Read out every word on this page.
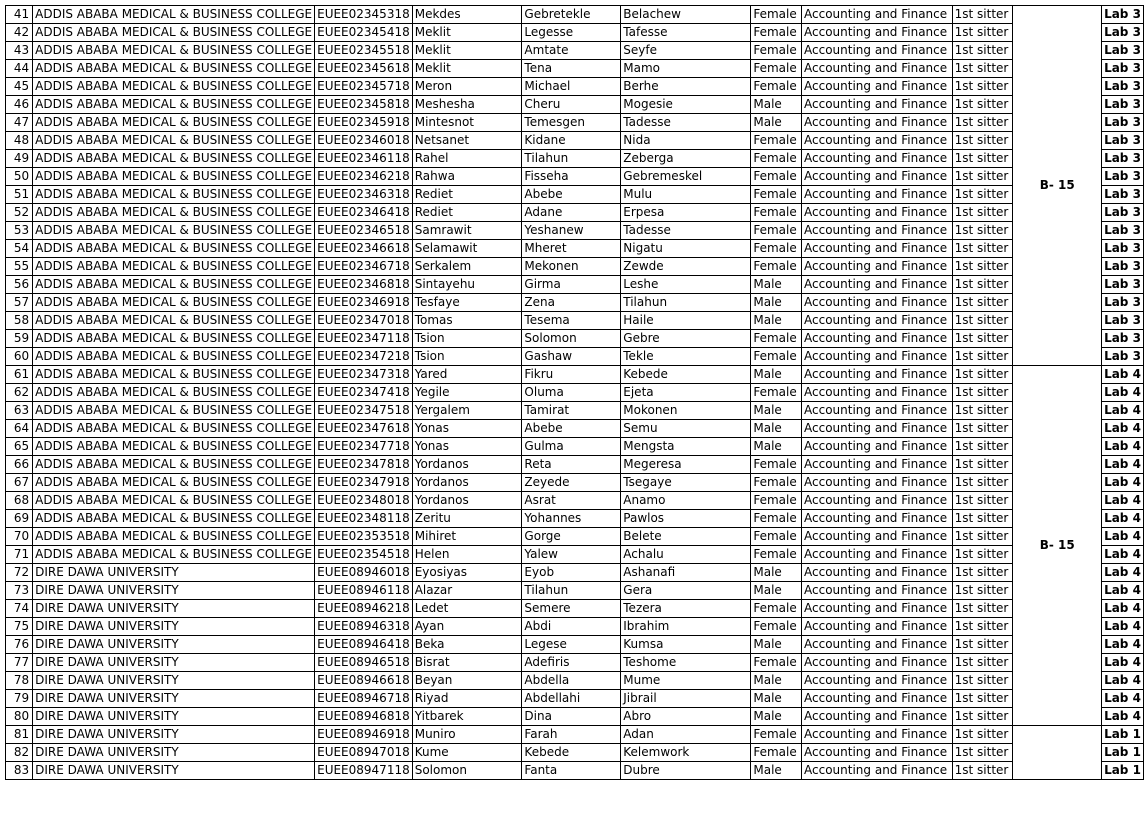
41	ADDIS ABABA MEDICAL & BUSINESS COLLEGE	EUEE02345318	Mekdes	Gebretekle	Belachew	Female	Accounting and Finance	1st sitter	B- 15	Lab 3
42	ADDIS ABABA MEDICAL & BUSINESS COLLEGE	EUEE02345418	Meklit	Legesse	Tafesse	Female	Accounting and Finance	1st sitter		Lab 3
43	ADDIS ABABA MEDICAL & BUSINESS COLLEGE	EUEE02345518	Meklit	Amtate	Seyfe	Female	Accounting and Finance	1st sitter		Lab 3
44	ADDIS ABABA MEDICAL & BUSINESS COLLEGE	EUEE02345618	Meklit	Tena	Mamo	Female	Accounting and Finance	1st sitter		Lab 3
45	ADDIS ABABA MEDICAL & BUSINESS COLLEGE	EUEE02345718	Meron	Michael	Berhe	Female	Accounting and Finance	1st sitter		Lab 3
46	ADDIS ABABA MEDICAL & BUSINESS COLLEGE	EUEE02345818	Meshesha	Cheru	Mogesie	Male	Accounting and Finance	1st sitter		Lab 3
47	ADDIS ABABA MEDICAL & BUSINESS COLLEGE	EUEE02345918	Mintesnot	Temesgen	Tadesse	Male	Accounting and Finance	1st sitter		Lab 3
48	ADDIS ABABA MEDICAL & BUSINESS COLLEGE	EUEE02346018	Netsanet	Kidane	Nida	Female	Accounting and Finance	1st sitter		Lab 3
49	ADDIS ABABA MEDICAL & BUSINESS COLLEGE	EUEE02346118	Rahel	Tilahun	Zeberga	Female	Accounting and Finance	1st sitter		Lab 3
50	ADDIS ABABA MEDICAL & BUSINESS COLLEGE	EUEE02346218	Rahwa	Fisseha	Gebremeskel	Female	Accounting and Finance	1st sitter		Lab 3
51	ADDIS ABABA MEDICAL & BUSINESS COLLEGE	EUEE02346318	Rediet	Abebe	Mulu	Female	Accounting and Finance	1st sitter		Lab 3
52	ADDIS ABABA MEDICAL & BUSINESS COLLEGE	EUEE02346418	Rediet	Adane	Erpesa	Female	Accounting and Finance	1st sitter		Lab 3
53	ADDIS ABABA MEDICAL & BUSINESS COLLEGE	EUEE02346518	Samrawit	Yeshanew	Tadesse	Female	Accounting and Finance	1st sitter		Lab 3
54	ADDIS ABABA MEDICAL & BUSINESS COLLEGE	EUEE02346618	Selamawit	Mheret	Nigatu	Female	Accounting and Finance	1st sitter		Lab 3
55	ADDIS ABABA MEDICAL & BUSINESS COLLEGE	EUEE02346718	Serkalem	Mekonen	Zewde	Female	Accounting and Finance	1st sitter		Lab 3
56	ADDIS ABABA MEDICAL & BUSINESS COLLEGE	EUEE02346818	Sintayehu	Girma	Leshe	Male	Accounting and Finance	1st sitter		Lab 3
57	ADDIS ABABA MEDICAL & BUSINESS COLLEGE	EUEE02346918	Tesfaye	Zena	Tilahun	Male	Accounting and Finance	1st sitter		Lab 3
58	ADDIS ABABA MEDICAL & BUSINESS COLLEGE	EUEE02347018	Tomas	Tesema	Haile	Male	Accounting and Finance	1st sitter		Lab 3
59	ADDIS ABABA MEDICAL & BUSINESS COLLEGE	EUEE02347118	Tsion	Solomon	Gebre	Female	Accounting and Finance	1st sitter		Lab 3
60	ADDIS ABABA MEDICAL & BUSINESS COLLEGE	EUEE02347218	Tsion	Gashaw	Tekle	Female	Accounting and Finance	1st sitter		Lab 3
61	ADDIS ABABA MEDICAL & BUSINESS COLLEGE	EUEE02347318	Yared	Fikru	Kebede	Male	Accounting and Finance	1st sitter	B- 15	Lab 4
62	ADDIS ABABA MEDICAL & BUSINESS COLLEGE	EUEE02347418	Yegile	Oluma	Ejeta	Female	Accounting and Finance	1st sitter		Lab 4
63	ADDIS ABABA MEDICAL & BUSINESS COLLEGE	EUEE02347518	Yergalem	Tamirat	Mokonen	Male	Accounting and Finance	1st sitter		Lab 4
64	ADDIS ABABA MEDICAL & BUSINESS COLLEGE	EUEE02347618	Yonas	Abebe	Semu	Male	Accounting and Finance	1st sitter		Lab 4
65	ADDIS ABABA MEDICAL & BUSINESS COLLEGE	EUEE02347718	Yonas	Gulma	Mengsta	Male	Accounting and Finance	1st sitter		Lab 4
66	ADDIS ABABA MEDICAL & BUSINESS COLLEGE	EUEE02347818	Yordanos	Reta	Megeresa	Female	Accounting and Finance	1st sitter		Lab 4
67	ADDIS ABABA MEDICAL & BUSINESS COLLEGE	EUEE02347918	Yordanos	Zeyede	Tsegaye	Female	Accounting and Finance	1st sitter		Lab 4
68	ADDIS ABABA MEDICAL & BUSINESS COLLEGE	EUEE02348018	Yordanos	Asrat	Anamo	Female	Accounting and Finance	1st sitter		Lab 4
69	ADDIS ABABA MEDICAL & BUSINESS COLLEGE	EUEE02348118	Zeritu	Yohannes	Pawlos	Female	Accounting and Finance	1st sitter		Lab 4
70	ADDIS ABABA MEDICAL & BUSINESS COLLEGE	EUEE02353518	Mihiret	Gorge	Belete	Female	Accounting and Finance	1st sitter		Lab 4
71	ADDIS ABABA MEDICAL & BUSINESS COLLEGE	EUEE02354518	Helen	Yalew	Achalu	Female	Accounting and Finance	1st sitter		Lab 4
72	DIRE DAWA UNIVERSITY	EUEE08946018	Eyosiyas	Eyob	Ashanafi	Male	Accounting and Finance	1st sitter		Lab 4
73	DIRE DAWA UNIVERSITY	EUEE08946118	Alazar	Tilahun	Gera	Male	Accounting and Finance	1st sitter		Lab 4
74	DIRE DAWA UNIVERSITY	EUEE08946218	Ledet	Semere	Tezera	Female	Accounting and Finance	1st sitter		Lab 4
75	DIRE DAWA UNIVERSITY	EUEE08946318	Ayan	Abdi	Ibrahim	Female	Accounting and Finance	1st sitter		Lab 4
76	DIRE DAWA UNIVERSITY	EUEE08946418	Beka	Legese	Kumsa	Male	Accounting and Finance	1st sitter		Lab 4
77	DIRE DAWA UNIVERSITY	EUEE08946518	Bisrat	Adefiris	Teshome	Female	Accounting and Finance	1st sitter		Lab 4
78	DIRE DAWA UNIVERSITY	EUEE08946618	Beyan	Abdella	Mume	Male	Accounting and Finance	1st sitter		Lab 4
79	DIRE DAWA UNIVERSITY	EUEE08946718	Riyad	Abdellahi	Jibrail	Male	Accounting and Finance	1st sitter		Lab 4
80	DIRE DAWA UNIVERSITY	EUEE08946818	Yitbarek	Dina	Abro	Male	Accounting and Finance	1st sitter		Lab 4
81	DIRE DAWA UNIVERSITY	EUEE08946918	Muniro	Farah	Adan	Female	Accounting and Finance	1st sitter		Lab 1
82	DIRE DAWA UNIVERSITY	EUEE08947018	Kume	Kebede	Kelemwork	Female	Accounting and Finance	1st sitter		Lab 1
83	DIRE DAWA UNIVERSITY	EUEE08947118	Solomon	Fanta	Dubre	Male	Accounting and Finance	1st sitter		Lab 1
